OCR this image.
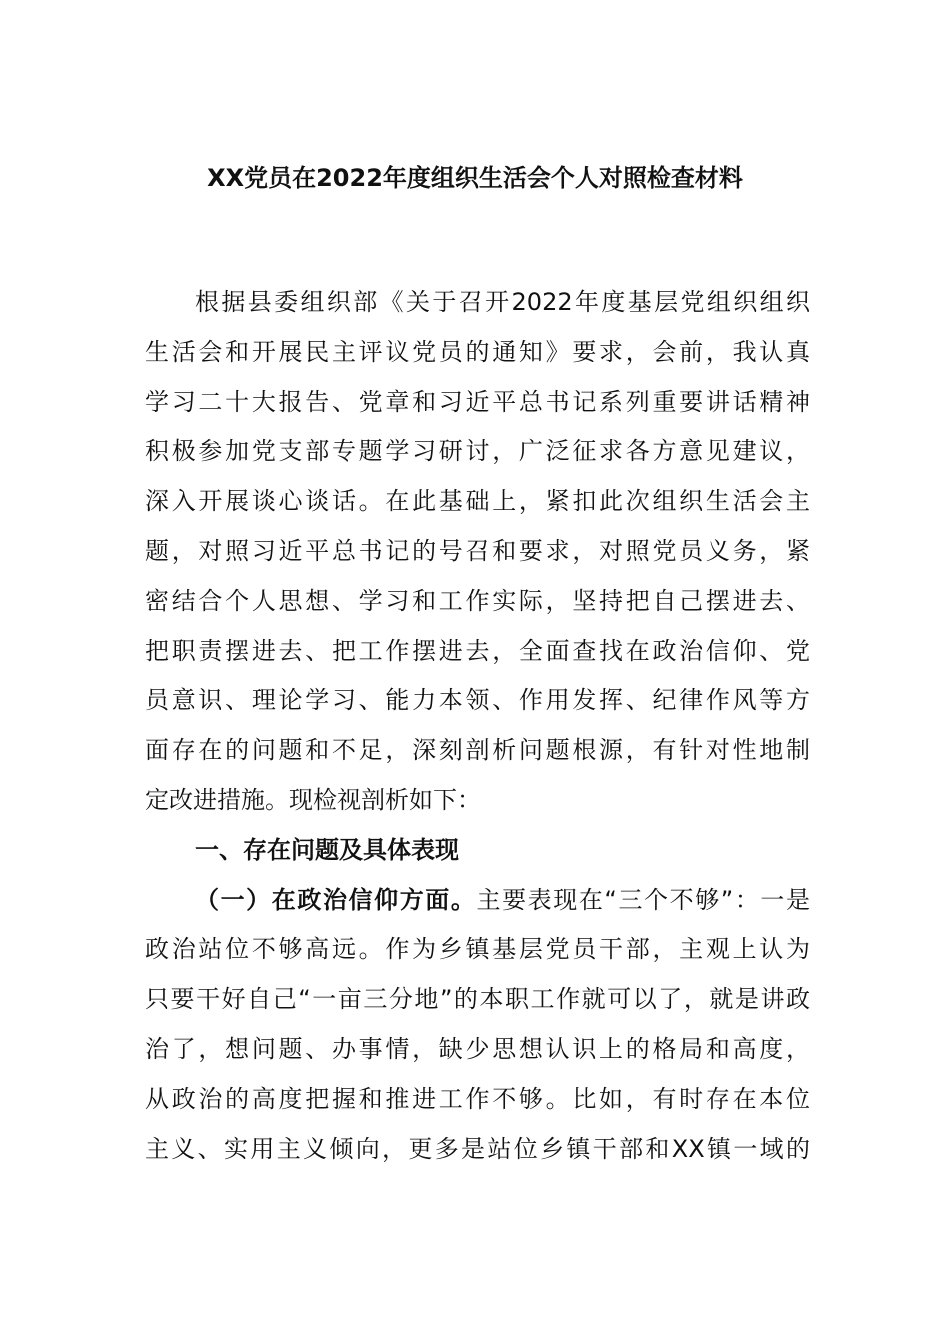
XX党员在2022年度组织生活会个人对照检查材料
根据县委组织部《关于召开2022年度基层党组织组织
生活会和开展民主评议党员的通知》要求，会前，我认真
学习二十大报告、党章和习近平总书记系列重要讲话精神
积极参加党支部专题学习研讨，广泛征求各方意见建议，
深入开展谈心谈话。在此基础上，紧扣此次组织生活会主
题，对照习近平总书记的号召和要求，对照党员义务，紧
密结合个人思想、学习和工作实际，坚持把自己摆进去、
把职责摆进去、把工作摆进去，全面查找在政治信仰、党
员意识、理论学习、能力本领、作用发挥、纪律作风等方
面存在的问题和不足，深刻剖析问题根源，有针对性地制
定改进措施。现检视剖析如下：
一、存在问题及具体表现
（一）在政治信仰方面。主要表现在“三个不够”：一是
政治站位不够高远。作为乡镇基层党员干部，主观上认为
只要干好自己“一亩三分地”的本职工作就可以了，就是讲政
治了，想问题、办事情，缺少思想认识上的格局和高度，
从政治的高度把握和推进工作不够。比如，有时存在本位
主义、实用主义倾向，更多是站位乡镇干部和XX镇一域的
